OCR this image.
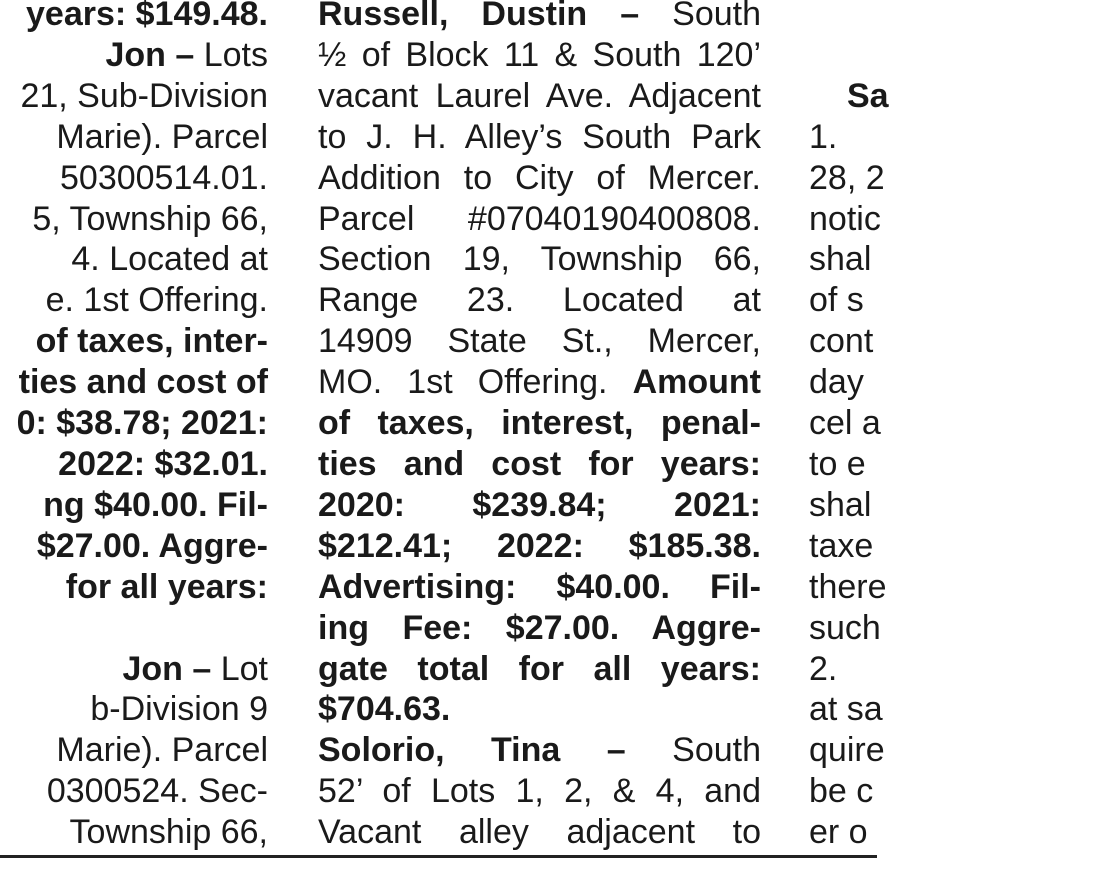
years: $149.48.
Jon – Lots
21, Sub-Division
Marie). Parcel
50300514.01.
5, Township 66,
4. Located at
e. 1st Offering.
of taxes, inter-
ties and cost of
0: $38.78; 2021:
2022: $32.01.
ng $40.00. Fil-
$27.00. Aggre-
for all years:

Jon – Lot
b-Division 9
Marie). Parcel
0300524. Sec-
Township 66,
Russell, Dustin – South
½ of Block 11 & South 120’
vacant Laurel Ave. Adjacent
to J. H. Alley’s South Park
Addition to City of Mercer.
Parcel #07040190400808.
Section 19, Township 66,
Range 23. Located at
14909 State St., Mercer,
MO. 1st Offering. Amount
of taxes, interest, penal-
ties and cost for years:
2020: $239.84; 2021:
$212.41; 2022: $185.38.
Advertising: $40.00. Fil-
ing Fee: $27.00. Aggre-
gate total for all years:
$704.63.
Solorio, Tina – South
52’ of Lots 1, 2, & 4, and
Vacant alley adjacent to

Sa
1.
28, 2
notic
shal
of s
cont
day
cel a
to e
shal
taxe
there
such
2.
at sa
quire
be c
er o
